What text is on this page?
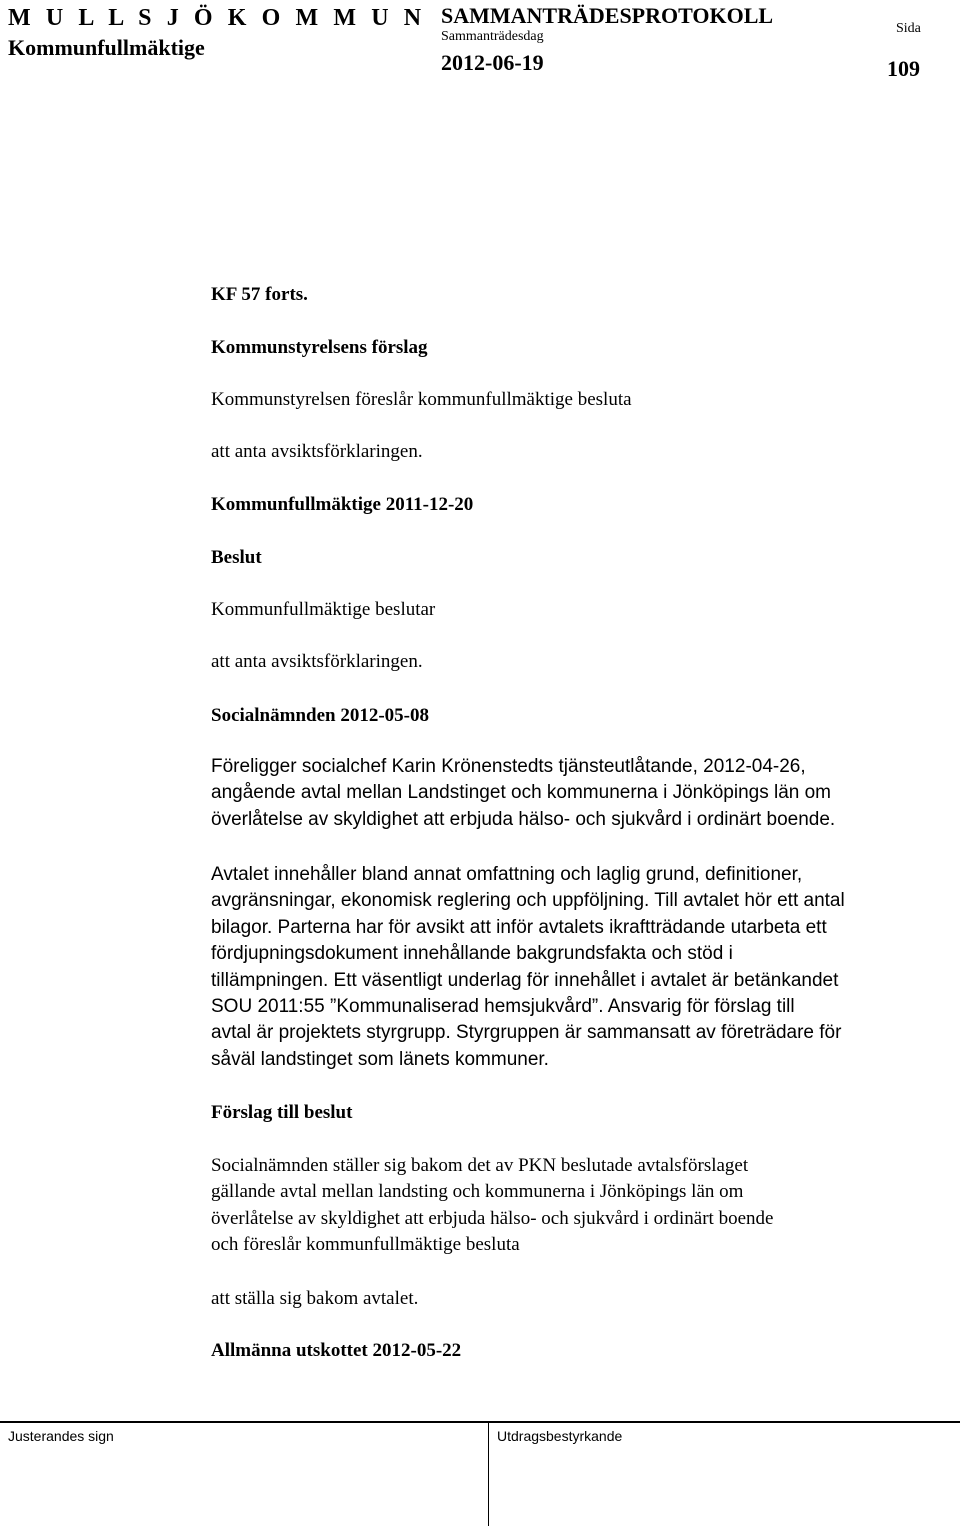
M U L L S J Ö K O M M U N
Kommunfullmäktige
SAMMANTRÄDESPROTOKOLL
Sammanträdesdag
2012-06-19
Sida
109
KF 57 forts.
Kommunstyrelsens förslag
Kommunstyrelsen föreslår kommunfullmäktige besluta
att anta avsiktsförklaringen.
Kommunfullmäktige 2011-12-20
Beslut
Kommunfullmäktige beslutar
att anta avsiktsförklaringen.
Socialnämnden 2012-05-08
Föreligger socialchef Karin Krönenstedts tjänsteutlåtande, 2012-04-26,
angående avtal mellan Landstinget och kommunerna i Jönköpings län om
överlåtelse av skyldighet att erbjuda hälso- och sjukvård i ordinärt boende.
Avtalet innehåller bland annat omfattning och laglig grund, definitioner,
avgränsningar, ekonomisk reglering och uppföljning. Till avtalet hör ett antal
bilagor. Parterna har för avsikt att inför avtalets ikraftträdande utarbeta ett
fördjupningsdokument innehållande bakgrundsfakta och stöd i
tillämpningen. Ett väsentligt underlag för innehållet i avtalet är betänkandet
SOU 2011:55 ”Kommunaliserad hemsjukvård”. Ansvarig för förslag till
avtal är projektets styrgrupp. Styrgruppen är sammansatt av företrädare för
såväl landstinget som länets kommuner.
Förslag till beslut
Socialnämnden ställer sig bakom det av PKN beslutade avtalsförslaget
gällande avtal mellan landsting och kommunerna i Jönköpings län om
överlåtelse av skyldighet att erbjuda hälso- och sjukvård i ordinärt boende
och föreslår kommunfullmäktige besluta
att ställa sig bakom avtalet.
Allmänna utskottet 2012-05-22
Justerandes sign	Utdragsbestyrkande
